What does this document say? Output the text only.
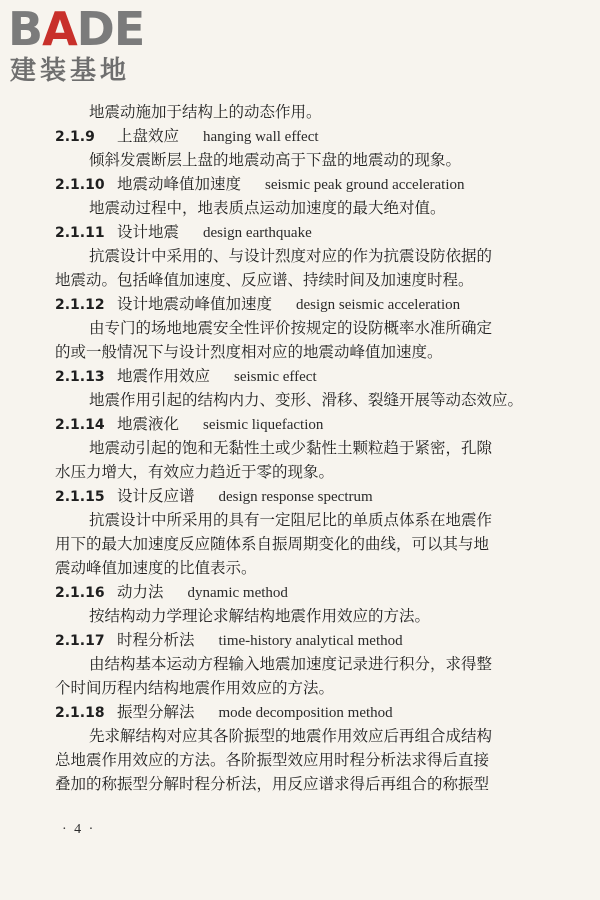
BADE
建装基地
地震动施加于结构上的动态作用。
2.1.9 上盘效应 hanging wall effect
倾斜发震断层上盘的地震动高于下盘的地震动的现象。
2.1.10 地震动峰值加速度 seismic peak ground acceleration
地震动过程中，地表质点运动加速度的最大绝对值。
2.1.11 设计地震 design earthquake
抗震设计中采用的、与设计烈度对应的作为抗震设防依据的
地震动。包括峰值加速度、反应谱、持续时间及加速度时程。
2.1.12 设计地震动峰值加速度 design seismic acceleration
由专门的场地地震安全性评价按规定的设防概率水准所确定
的或一般情况下与设计烈度相对应的地震动峰值加速度。
2.1.13 地震作用效应 seismic effect
地震作用引起的结构内力、变形、滑移、裂缝开展等动态效应。
2.1.14 地震液化 seismic liquefaction
地震动引起的饱和无黏性土或少黏性土颗粒趋于紧密，孔隙
水压力增大，有效应力趋近于零的现象。
2.1.15 设计反应谱 design response spectrum
抗震设计中所采用的具有一定阻尼比的单质点体系在地震作
用下的最大加速度反应随体系自振周期变化的曲线，可以其与地
震动峰值加速度的比值表示。
2.1.16 动力法 dynamic method
按结构动力学理论求解结构地震作用效应的方法。
2.1.17 时程分析法 time-history analytical method
由结构基本运动方程输入地震加速度记录进行积分，求得整
个时间历程内结构地震作用效应的方法。
2.1.18 振型分解法 mode decomposition method
先求解结构对应其各阶振型的地震作用效应后再组合成结构
总地震作用效应的方法。各阶振型效应用时程分析法求得后直接
叠加的称振型分解时程分析法，用反应谱求得后再组合的称振型
· 4 ·
